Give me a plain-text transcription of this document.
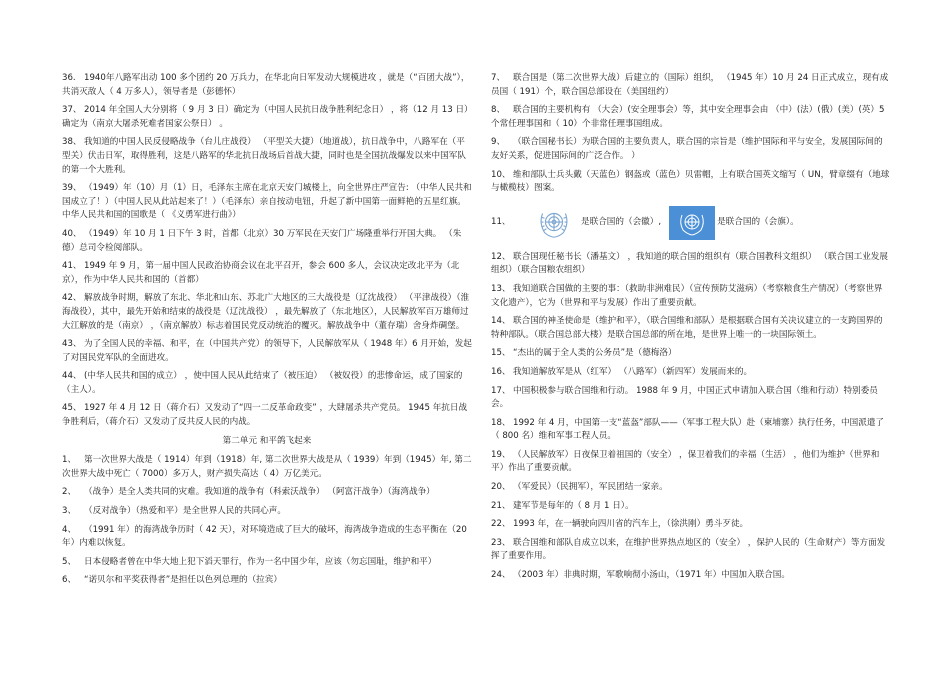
36. 1940年八路军出动 100 多个团约 20 万兵力，在华北向日军发动大规模进攻 ，就是（“百团大战”），共消灭敌人（ 4 万多人），领导者是（彭德怀）
37、 2014 年全国人大分别将（ 9 月 3 日）确定为（中国人民抗日战争胜利纪念日） ，将（12 月 13 日）确定为（南京大屠杀死难者国家公祭日） 。
38、 我知道的中国人民反侵略战争（台儿庄战役） （平型关大捷）（地道战），抗日战争中，八路军在（平型关）伏击日军，取得胜利，这是八路军的华北抗日战场后首战大捷，同时也是全国抗战爆发以来中国军队的第一个大胜利。
39、 （1949）年（10）月（1）日，毛泽东主席在北京天安门城楼上，向全世界庄严宣告: （中华人民共和国成立了！）（中国人民从此站起来了！）（毛泽东）亲自按动电钮，升起了新中国第一面鲜艳的五星红旗。中华人民共和国的国歌是（ 《义勇军进行曲》）
40、 （1949）年 10 月 1 日下午 3 时，首都（北京）30 万军民在天安门广场隆重举行开国大典。 （朱德）总司令检阅部队。
41、 1949 年 9 月，第一届中国人民政治协商会议在北平召开，参会 600 多人，会议决定改北平为（北京），作为中华人民共和国的（首都）
42、 解放战争时期，解放了东北、华北和山东、苏北广大地区的三大战役是（辽沈战役） （平津战役）（淮海战役），其中，最先开始和结束的战役是（辽沈战役） ，最先解放了（东北地区），人民解放军百万雄师过大江解放的是（南京） ，（南京解放）标志着国民党反动统治的覆灭。解放战争中（董存瑞）舍身炸碉堡。
43、 为了全国人民的幸福、和平，在（中国共产党）的领导下，人民解放军从（ 1948 年）6 月开始，发起了对国民党军队的全面进攻。
44、 (中华人民共和国的成立） ，使中国人民从此结束了（被压迫） （被奴役）的悲惨命运，成了国家的（主人）。
45、 1927 年 4 月 12 日（蒋介石）又发动了“四一二反革命政变” ，大肆屠杀共产党员。 1945 年抗日战争胜利后，（蒋介石）又发动了反共反人民的内战。
第二单元 和平鸽飞起来
1、 第一次世界大战是（ 1914）年到（1918）年, 第二次世界大战是从（ 1939）年到（1945）年, 第二次世界大战中死亡（ 7000）多万人，财产损失高达（ 4）万亿美元。
2、 （战争）是全人类共同的灾难。我知道的战争有（科索沃战争） （阿富汗战争）（海湾战争）
3、 （反对战争）（热爱和平）是全世界人民的共同心声。
4、 （1991 年）的海湾战争历时（ 42 天），对环境造成了巨大的破坏，海湾战争造成的生态平衡在（20 年）内难以恢复。
5、 日本侵略者曾在中华大地上犯下滔天罪行，作为一名中国少年，应该（勿忘国耻，维护和平）
6、 “诺贝尔和平奖获得者”是担任以色列总理的（拉宾）
7、 联合国是（第二次世界大战）后建立的（国际）组织， （1945 年）10 月 24 日正式成立，现有成员国（ 191）个，联合国总部设在（美国纽约）
8、 联合国的主要机构有 （大会）(安全理事会）等，其中安全理事会由 （中）(法）(俄）(美）(英）5 个常任理事国和（ 10）个非常任理事国组成。
9、 （联合国秘书长）为联合国的主要负责人，联合国的宗旨是（维护国际和平与安全，发展国际间的友好关系，促进国际间的广泛合作。 ）
10、 维和部队士兵头戴（天蓝色）钢盔或（蓝色）贝雷帽，上有联合国英文缩写（ UN，臂章缀有（地球与橄榄枝）图案。
11、	是联合国的（会徽）,	是联合国的（会旗）。
12、 联合国现任秘书长（潘基文） ，我知道的联合国的组织有（联合国教科文组织） （联合国工业发展组织）（联合国粮农组织）
13、 我知道联合国做的主要的事：（救助非洲难民）（宣传预防艾滋病）（考察粮食生产情况）（考察世界文化遗产），它为（世界和平与发展）作出了重要贡献。
14、 联合国的神圣使命是（维护和平），（联合国维和部队）是根据联合国有关决议建立的一支跨国界的特种部队。（联合国总部大楼）是联合国总部的所在地，是世界上唯一的一块国际领土。
15、 “杰出的属于全人类的公务员”是（德梅洛）
16、 我知道解放军是从（红军） （八路军）（新四军）发展而来的。
17、 中国积极参与联合国维和行动。 1988 年 9 月，中国正式申请加入联合国（维和行动）特别委员会。
18、 1992 年 4 月，中国第一支“蓝盔”部队——（军事工程大队）赴（柬埔寨）执行任务，中国派遣了（ 800 名）维和军事工程人员。
19、 （人民解放军）日夜保卫着祖国的（安全） ，保卫着我们的幸福（生活） ，他们为维护（世界和平）作出了重要贡献。
20、 （军爱民）（民拥军），军民团结一家亲。
21、 建军节是每年的（ 8 月 1 日）。
22、 1993 年，在一辆驶向四川省的汽车上，（徐洪刚）勇斗歹徒。
23、 联合国维和部队自成立以来，在维护世界热点地区的（安全） ，保护人民的（生命财产）等方面发挥了重要作用。
24、 （2003 年）非典时期，军歌响彻小汤山，（1971 年）中国加入联合国。
